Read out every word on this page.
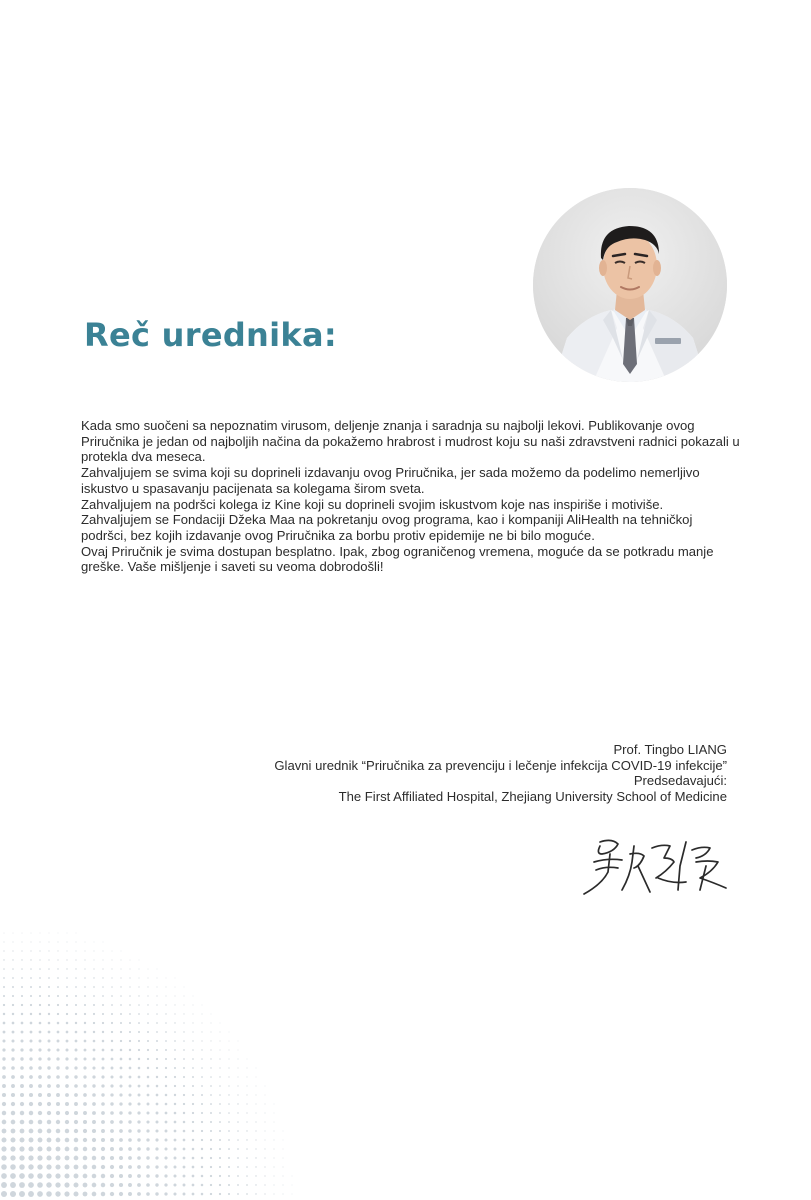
Reč urednika:
Kada smo suočeni sa nepoznatim virusom, deljenje znanja i saradnja su najbolji lekovi. Publikovanje ovog Priručnika je jedan od najboljih načina da pokažemo hrabrost i mudrost koju su naši zdravstveni radnici pokazali u protekla dva meseca.
Zahvaljujem se svima koji su doprineli izdavanju ovog Priručnika, jer sada možemo da podelimo nemerljivo iskustvo u spasavanju pacijenata sa kolegama širom sveta.
Zahvaljujem na podršci kolega iz Kine koji su doprineli svojim iskustvom koje nas inspiriše i motiviše.
Zahvaljujem se Fondaciji Džeka Maa na pokretanju ovog programa, kao i kompaniji AliHealth na tehničkoj podršci, bez kojih izdavanje ovog Priručnika za borbu protiv epidemije ne bi bilo moguće.
Ovaj Priručnik je svima dostupan besplatno. Ipak, zbog ograničenog vremena, moguće da se potkradu manje greške. Vaše mišljenje i saveti su veoma dobrodošli!
Prof. Tingbo LIANG
Glavni urednik “Priručnika za prevenciju i lečenje infekcija COVID-19 infekcije”
Predsedavajući:
The First Affiliated Hospital, Zhejiang University School of Medicine
